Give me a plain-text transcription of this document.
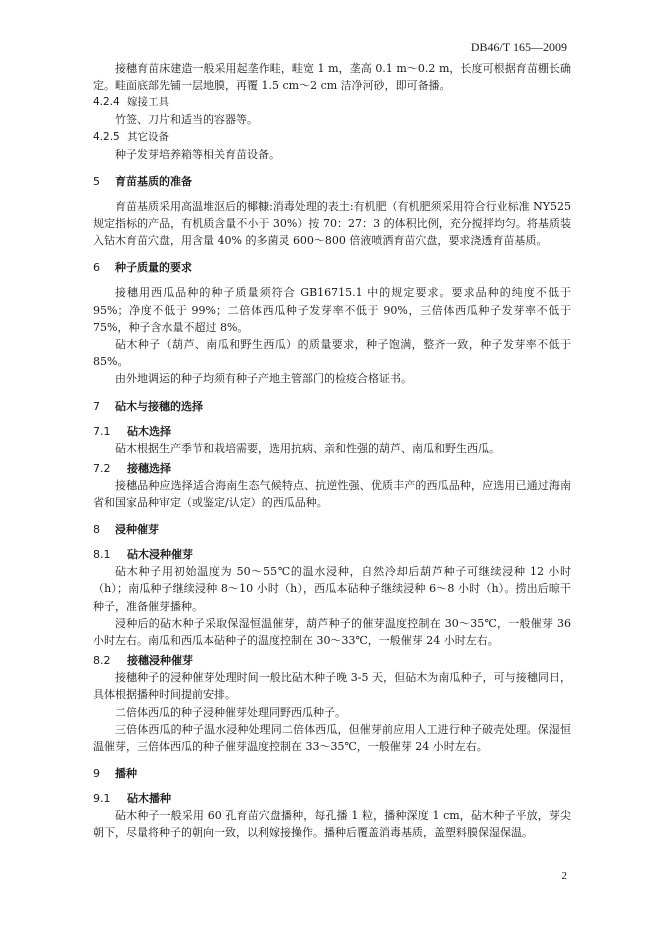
DB46/T 165—2009

接穗育苗床建造一般采用起垄作畦，畦宽 1 m，垄高 0.1 m～0.2 m，长度可根据育苗棚长确定。畦面底部先铺一层地膜，再覆 1.5 cm～2 cm 洁净河砂，即可备播。

4.2.4 嫁接工具

竹签、刀片和适当的容器等。

4.2.5 其它设备

种子发芽培养箱等相关育苗设备。

5 育苗基质的准备

育苗基质采用高温堆沤后的椰糠:消毒处理的表土:有机肥（有机肥须采用符合行业标准 NY525 规定指标的产品，有机质含量不小于 30%）按 70：27：3 的体积比例，充分搅拌均匀。将基质装入钻木育苗穴盘，用含量 40% 的多菌灵 600～800 倍液喷洒育苗穴盘，要求浇透育苗基质。

6 种子质量的要求

接穗用西瓜品种的种子质量须符合 GB16715.1 中的规定要求。要求品种的纯度不低于 95%；净度不低于 99%；二倍体西瓜种子发芽率不低于 90%，三倍体西瓜种子发芽率不低于 75%，种子含水量不超过 8%。

砧木种子（葫芦、南瓜和野生西瓜）的质量要求，种子饱满，整齐一致，种子发芽率不低于 85%。

由外地调运的种子均须有种子产地主管部门的检疫合格证书。

7 砧木与接穗的选择
7.1 砧木选择

砧木根据生产季节和栽培需要，选用抗病、亲和性强的葫芦、南瓜和野生西瓜。

7.2 接穗选择

接穗品种应选择适合海南生态气候特点、抗逆性强、优质丰产的西瓜品种，应选用已通过海南省和国家品种审定（或鉴定/认定）的西瓜品种。

8 浸种催芽
8.1 砧木浸种催芽

砧木种子用初始温度为 50～55℃的温水浸种，自然冷却后葫芦种子可继续浸种 12 小时（h）；南瓜种子继续浸种 8～10 小时（h），西瓜本砧种子继续浸种 6～8 小时（h）。捞出后晾干种子，准备催芽播种。

浸种后的砧木种子采取保湿恒温催芽，葫芦种子的催芽温度控制在 30～35℃，一般催芽 36 小时左右。南瓜和西瓜本砧种子的温度控制在 30～33℃，一般催芽 24 小时左右。

8.2 接穗浸种催芽

接穗种子的浸种催芽处理时间一般比砧木种子晚 3-5 天，但砧木为南瓜种子，可与接穗同日，具体根据播种时间提前安排。

二倍体西瓜的种子浸种催芽处理同野西瓜种子。

三倍体西瓜的种子温水浸种处理同二倍体西瓜，但催芽前应用人工进行种子破壳处理。保湿恒温催芽，三倍体西瓜的种子催芽温度控制在 33～35℃，一般催芽 24 小时左右。

9 播种
9.1 砧木播种

砧木种子一般采用 60 孔育苗穴盘播种，每孔播 1 粒，播种深度 1 cm，砧木种子平放，芽尖朝下，尽量将种子的朝向一致，以利嫁接操作。播种后覆盖消毒基质，盖塑料膜保湿保温。

2
